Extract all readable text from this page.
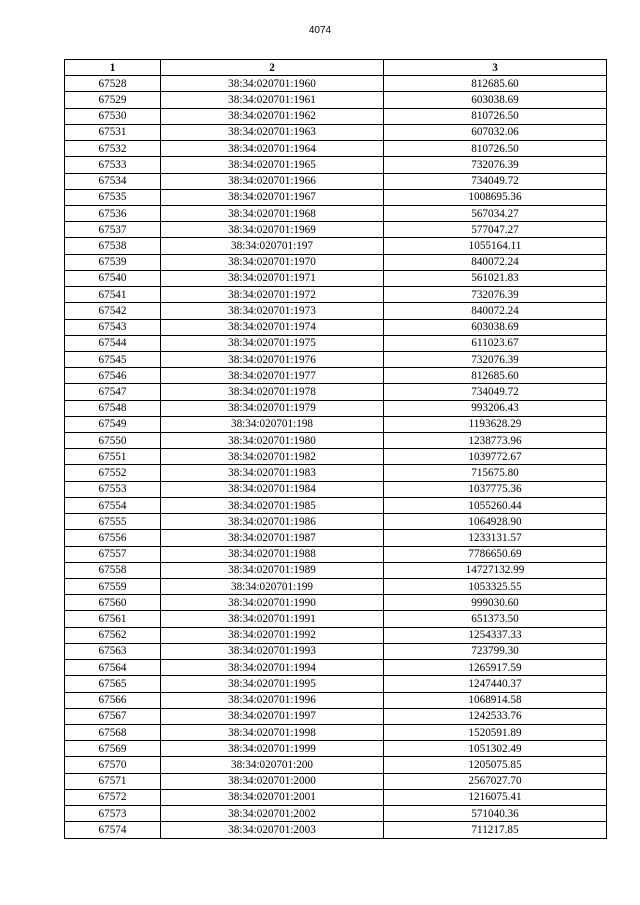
4074
1	2	3
67528	38:34:020701:1960	812685.60
67529	38:34:020701:1961	603038.69
67530	38:34:020701:1962	810726.50
67531	38:34:020701:1963	607032.06
67532	38:34:020701:1964	810726.50
67533	38:34:020701:1965	732076.39
67534	38:34:020701:1966	734049.72
67535	38:34:020701:1967	1008695.36
67536	38:34:020701:1968	567034.27
67537	38:34:020701:1969	577047.27
67538	38:34:020701:197	1055164.11
67539	38:34:020701:1970	840072.24
67540	38:34:020701:1971	561021.83
67541	38:34:020701:1972	732076.39
67542	38:34:020701:1973	840072.24
67543	38:34:020701:1974	603038.69
67544	38:34:020701:1975	611023.67
67545	38:34:020701:1976	732076.39
67546	38:34:020701:1977	812685.60
67547	38:34:020701:1978	734049.72
67548	38:34:020701:1979	993206.43
67549	38:34:020701:198	1193628.29
67550	38:34:020701:1980	1238773.96
67551	38:34:020701:1982	1039772.67
67552	38:34:020701:1983	715675.80
67553	38:34:020701:1984	1037775.36
67554	38:34:020701:1985	1055260.44
67555	38:34:020701:1986	1064928.90
67556	38:34:020701:1987	1233131.57
67557	38:34:020701:1988	7786650.69
67558	38:34:020701:1989	14727132.99
67559	38:34:020701:199	1053325.55
67560	38:34:020701:1990	999030.60
67561	38:34:020701:1991	651373.50
67562	38:34:020701:1992	1254337.33
67563	38:34:020701:1993	723799.30
67564	38:34:020701:1994	1265917.59
67565	38:34:020701:1995	1247440.37
67566	38:34:020701:1996	1068914.58
67567	38:34:020701:1997	1242533.76
67568	38:34:020701:1998	1520591.89
67569	38:34:020701:1999	1051302.49
67570	38:34:020701:200	1205075.85
67571	38:34:020701:2000	2567027.70
67572	38:34:020701:2001	1216075.41
67573	38:34:020701:2002	571040.36
67574	38:34:020701:2003	711217.85
